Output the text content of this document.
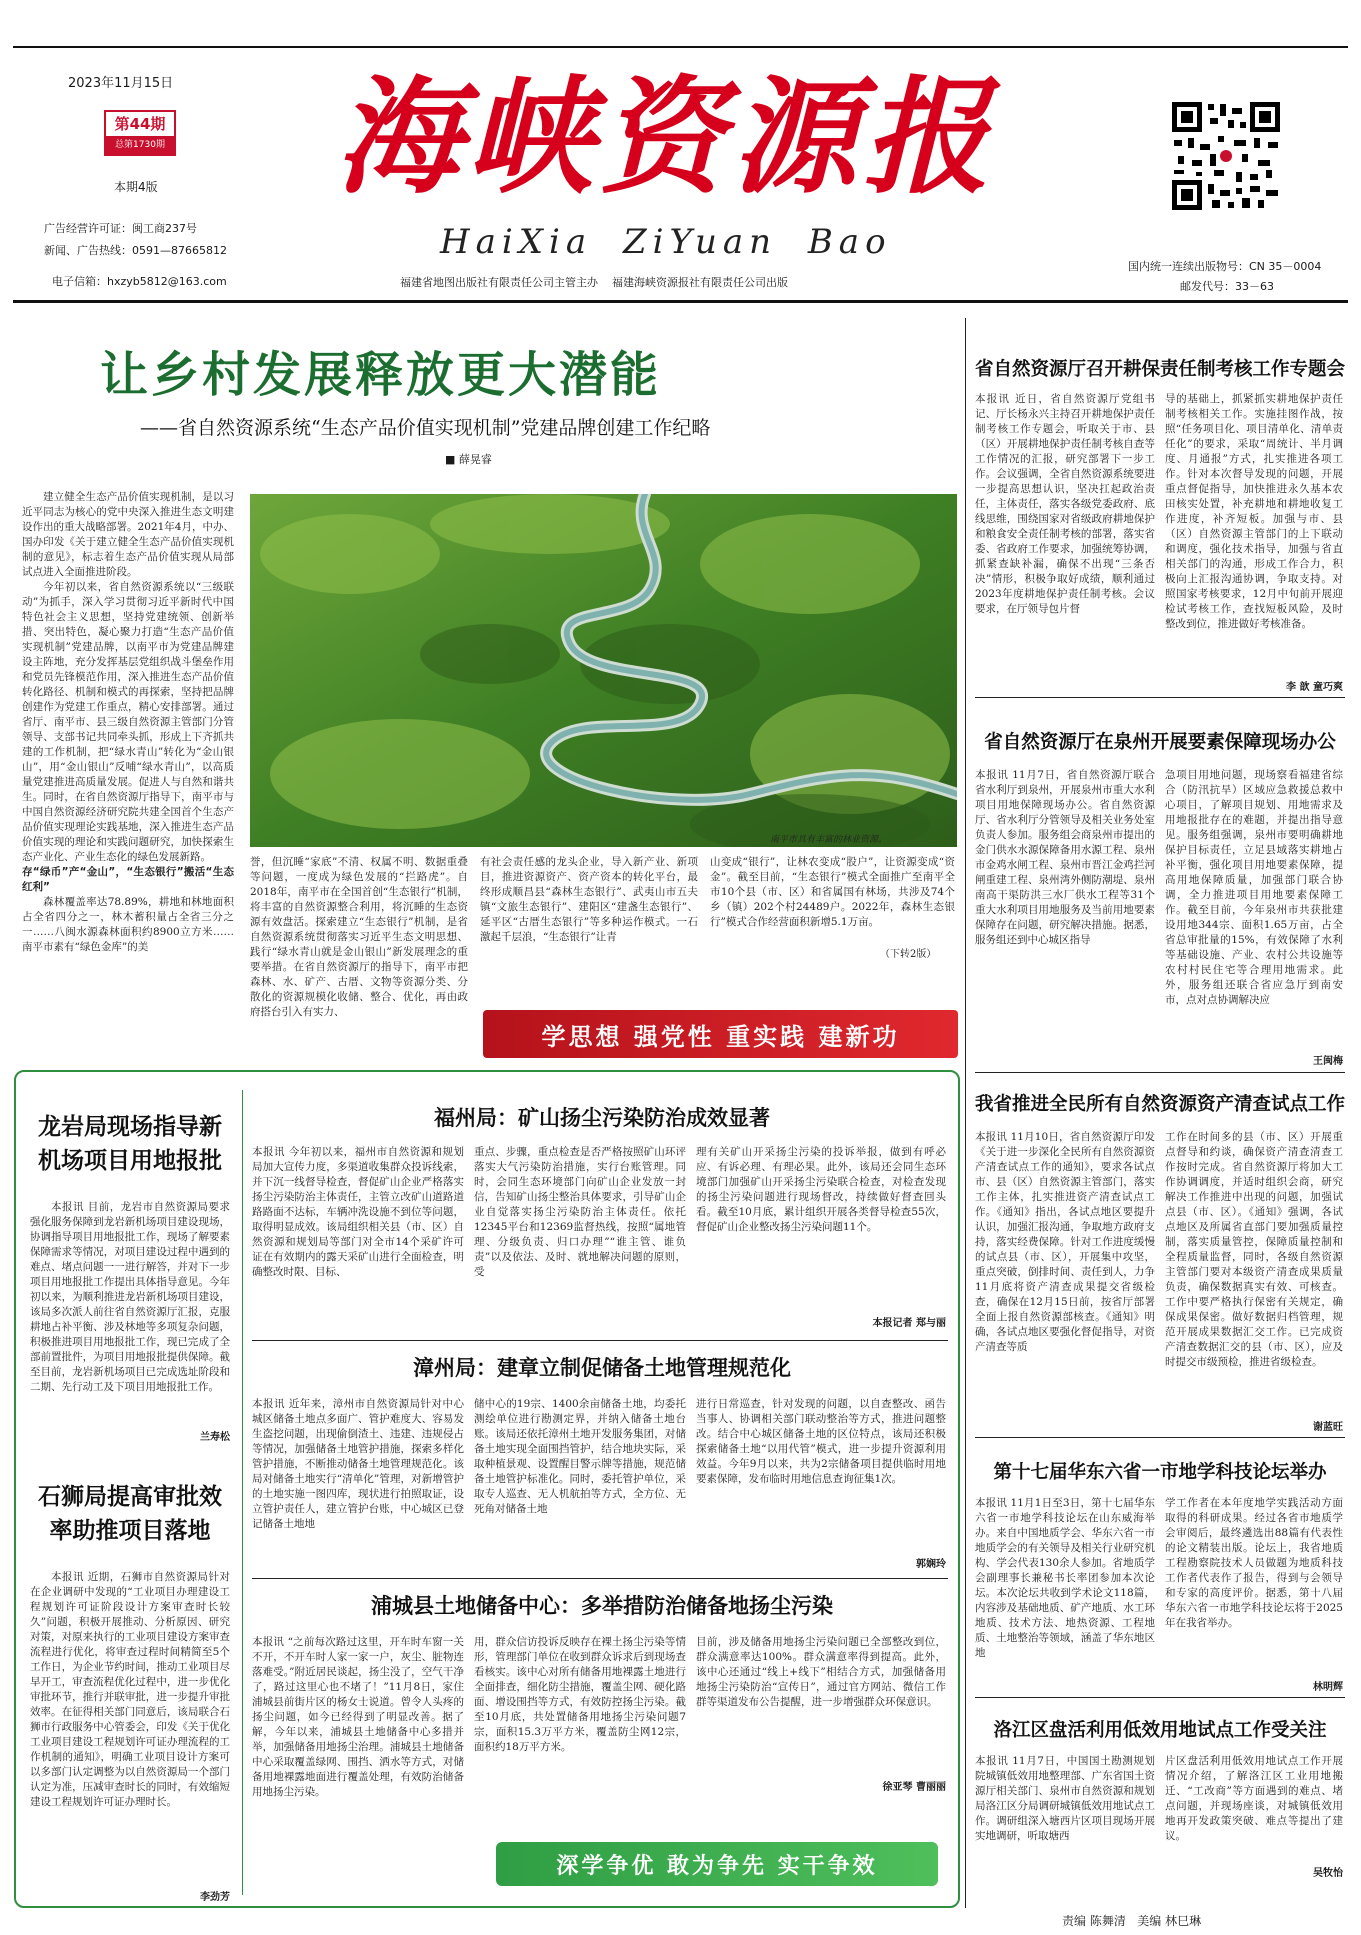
2023年11月15日
第44期
总第1730期
本期4版
广告经营许可证：闽工商237号
新闻、广告热线：0591—87665812
电子信箱：hxzyb5812@163.com
海峡资源报
HaiXia ZiYuan Bao
福建省地图出版社有限责任公司主管主办    福建海峡资源报社有限责任公司出版
国内统一连续出版物号：CN 35－0004
邮发代号：33－63
让乡村发展释放更大潜能
——省自然资源系统“生态产品价值实现机制”党建品牌创建工作纪略
■ 薛晃睿

建立健全生态产品价值实现机制，是以习近平同志为核心的党中央深入推进生态文明建设作出的重大战略部署。2021年4月，中办、国办印发《关于建立健全生态产品价值实现机制的意见》，标志着生态产品价值实现从局部试点进入全面推进阶段。

今年初以来，省自然资源系统以“三级联动”为抓手，深入学习贯彻习近平新时代中国特色社会主义思想，坚持党建统领、创新举措、突出特色，凝心聚力打造“生态产品价值实现机制”党建品牌，以南平市为党建品牌建设主阵地，充分发挥基层党组织战斗堡垒作用和党员先锋模范作用，深入推进生态产品价值转化路径、机制和模式的再探索，坚持把品牌创建作为党建工作重点，精心安排部署。通过省厅、南平市、县三级自然资源主管部门分管领导、支部书记共同牵头抓，形成上下齐抓共建的工作机制，把“绿水青山”转化为“金山银山”，用“金山银山”反哺“绿水青山”，以高质量党建推进高质量发展。促进人与自然和谐共生。同时，在省自然资源厅指导下，南平市与中国自然资源经济研究院共建全国首个生态产品价值实现理论实践基地，深入推进生态产品价值实现的理论和实践问题研究，加快探索生态产业化、产业生态化的绿色发展新路。

存“绿币”产“金山”，“生态银行”搬活“生态红利”

森林覆盖率达78.89%，耕地和林地面积占全省四分之一，林木蓄积量占全省三分之一……八闽水源森林面积约8900立方米……南平市素有“绿色金库”的美

南平市具有丰富的林业资源。
誉，但沉睡“家底”不清、权属不明、数据重叠等问题，一度成为绿色发展的“拦路虎”。自2018年，南平市在全国首创“生态银行”机制，将丰富的自然资源整合利用，将沉睡的生态资源有效盘活。探索建立“生态银行”机制，是省自然资源系统贯彻落实习近平生态文明思想、践行“绿水青山就是金山银山”新发展理念的重要举措。在省自然资源厅的指导下，南平市把森林、水、矿产、古厝、文物等资源分类、分散化的资源规模化收储、整合、优化，再由政府搭台引入有实力、
有社会责任感的龙头企业，导入新产业、新项目，推进资源资产、资产资本的转化平台，最终形成顺昌县“森林生态银行”、武夷山市五夫镇“文旅生态银行”、建阳区“建盏生态银行”、延平区“古厝生态银行”等多种运作模式。一石激起千层浪，“生态银行”让青
山变成“银行”，让林农变成“股户”，让资源变成“资金”。截至目前，“生态银行”模式全面推广至南平全市10个县（市、区）和省属国有林场，共涉及74个乡（镇）202个村24489户。2022年，森林生态银行”模式合作经营面积新增5.1万亩。
（下转2版）
学思想 强党性 重实践 建新功
省自然资源厅召开耕保责任制考核工作专题会
本报讯 近日，省自然资源厅党组书记、厅长杨永兴主持召开耕地保护责任制考核工作专题会，听取关于市、县（区）开展耕地保护责任制考核自查等工作情况的汇报，研究部署下一步工作。会议强调，全省自然资源系统要进一步提高思想认识，坚决扛起政治责任，主体责任，落实各级党委政府、底线思维，围绕国家对省级政府耕地保护和粮食安全责任制考核的部署，落实省委、省政府工作要求，加强统筹协调，抓紧查缺补漏，确保不出现“三条否决”情形，积极争取好成绩，顺利通过2023年度耕地保护责任制考核。会议要求，在厅领导包片督
导的基础上，抓紧抓实耕地保护责任制考核相关工作。实施挂图作战，按照“任务项目化、项目清单化、清单责任化”的要求，采取“周统计、半月调度、月通报”方式，扎实推进各项工作。针对本次督导发现的问题，开展重点督促指导，加快推进永久基本农田核实处置，补充耕地和耕地收复工作进度，补齐短板。加强与市、县（区）自然资源主管部门的上下联动和调度，强化技术指导，加强与省直相关部门的沟通，形成工作合力，积极向上汇报沟通协调，争取支持。对照国家考核要求，12月中旬前开展迎检试考核工作，查找短板风险，及时整改到位，推进做好考核准备。
李 歆 童巧爽
省自然资源厅在泉州开展要素保障现场办公
本报讯 11月7日，省自然资源厅联合省水利厅到泉州，开展泉州市重大水利项目用地保障现场办公。省自然资源厅、省水利厅分管领导及相关业务处室负责人参加。服务组会商泉州市提出的金门供水水源保障备用水源工程、泉州市金鸡水闸工程、泉州市晋江金鸡拦河闸重建工程、泉州湾外侧防潮堤、泉州南高干渠防洪三水厂供水工程等31个重大水利项目用地服务及当前用地要素保障存在问题，研究解决措施。据悉，服务组还到中心城区指导
急项目用地问题，现场察看福建省综合（防汛抗旱）区域应急救援总救中心项目，了解项目规划、用地需求及用地报批存在的难题，并提出指导意见。服务组强调，泉州市要明确耕地保护目标责任，立足县域落实耕地占补平衡，强化项目用地要素保障，提高用地保障质量，加强部门联合协调，全力推进项目用地要素保障工作。截至目前，今年泉州市共获批建设用地344宗、面积1.65万亩，占全省总审批量的15%，有效保障了水利等基础设施、产业、农村公共设施等农村村民住宅等合理用地需求。此外，服务组还联合省应急厅到南安市，点对点协调解决应
王闽梅
我省推进全民所有自然资源资产清查试点工作
本报讯 11月10日，省自然资源厅印发《关于进一步深化全民所有自然资源资产清查试点工作的通知》，要求各试点市、县（区）自然资源主管部门，落实工作主体，扎实推进资产清查试点工作。《通知》指出，各试点地区要提升认识，加强汇报沟通，争取地方政府支持，落实经费保障。针对工作进度缓慢的试点县（市、区），开展集中攻坚，重点突破，倒排时间、责任到人，力争11月底将资产清查成果提交省级检查，确保在12月15日前，按省厅部署全面上报自然资源部核查。《通知》明确，各试点地区要强化督促指导，对资产清查等质
工作在时间多的县（市、区）开展重点督导和约谈，确保资产清查清查工作按时完成。省自然资源厅将加大工作协调调度，并适时组织会商，研究解决工作推进中出现的问题，加强试点县（市、区）。《通知》强调，各试点地区及所属省直部门要加强质量控制，落实质量管控，保障质量控制和全程质量监督，同时，各级自然资源主管部门要对本级资产清查成果质量负责，确保数据真实有效、可核查。工作中要严格执行保密有关规定，确保成果保密。做好数据归档管理，规范开展成果数据汇交工作。已完成资产清查数据汇交的县（市、区），应及时提交市级预检，推进省级检查。
谢蓝旺
第十七届华东六省一市地学科技论坛举办
本报讯 11月1日至3日，第十七届华东六省一市地学科技论坛在山东威海举办。来自中国地质学会、华东六省一市地质学会的有关领导及相关行业研究机构、学会代表130余人参加。省地质学会副理事长兼秘书长率团参加本次论坛。本次论坛共收到学术论文118篇，内容涉及基础地质、矿产地质、水工环地质、技术方法、地热资源、工程地质、土地整治等领域，涵盖了华东地区地
学工作者在本年度地学实践活动方面取得的科研成果。经过各省市地质学会审阅后，最终遴选出88篇有代表性的论文精装出版。论坛上，我省地质工程勘察院技术人员做题为地质科技工作者代表作了报告，得到与会领导和专家的高度评价。据悉，第十八届华东六省一市地学科技论坛将于2025年在我省举办。
林明辉
洛江区盘活利用低效用地试点工作受关注
本报讯 11月7日，中国国土勘测规划院城镇低效用地整理部、广东省国土资源厅相关部门、泉州市自然资源和规划局洛江区分局调研城镇低效用地试点工作。调研组深入塘西片区项目现场开展实地调研，听取塘西
片区盘活利用低效用地试点工作开展情况介绍，了解洛江区工业用地搬迁、“工改商”等方面遇到的难点、堵点问题，并现场座谈，对城镇低效用地再开发政策突破、难点等提出了建议。
吴牧怡
龙岩局现场指导新机场项目用地报批
本报讯 目前，龙岩市自然资源局要求强化服务保障到龙岩新机场项目建设现场，协调指导项目用地报批工作，现场了解要素保障需求等情况，对项目建设过程中遇到的难点、堵点问题一一进行解答，并对下一步项目用地报批工作提出具体指导意见。今年初以来，为顺利推进龙岩新机场项目建设，该局多次派人前往省自然资源厅汇报，克服耕地占补平衡、涉及林地等多项复杂问题，积极推进项目用地报批工作，现已完成了全部前置批件，为项目用地报批提供保障。截至目前，龙岩新机场项目已完成选址阶段和二期、先行动工及下项目用地报批工作。
兰寿松
石狮局提高审批效率助推项目落地
本报讯 近期，石狮市自然资源局针对在企业调研中发现的“工业项目办理建设工程规划许可证阶段设计方案审查时长较久”问题，积极开展推动、分析原因、研究对策，对原来执行的工业项目建设方案审查流程进行优化，将审查过程时间精简至5个工作日，为企业节约时间，推动工业项目尽早开工，审查流程优化过程中，进一步优化审批环节，推行并联审批，进一步提升审批效率。在征得相关部门同意后，该局联合石狮市行政服务中心管委会，印发《关于优化工业项目建设工程规划许可证办理流程的工作机制的通知》，明确工业项目设计方案可以多部门认定调整为以自然资源局一个部门认定为准，压减审查时长的同时，有效缩短建设工程规划许可证办理时长。
李劲芳
福州局：矿山扬尘污染防治成效显著
本报讯 今年初以来，福州市自然资源和规划局加大宣传力度，多渠道收集群众投诉线索，并下沉一线督导检查，督促矿山企业严格落实扬尘污染防治主体责任，主管立改矿山道路道路路面不达标，车辆冲洗设施不到位等问题，取得明显成效。该局组织相关县（市、区）自然资源和规划局等部门对全市14个采矿许可证在有效期内的露天采矿山进行全面检查，明确整改时限、目标、
重点、步骤，重点检查是否严格按照矿山环评落实大气污染防治措施，实行台账管理。同时，会同生态环境部门向矿山企业发放一封信，告知矿山扬尘整治具体要求，引导矿山企业自觉落实扬尘污染防治主体责任。依托12345平台和12369监督热线，按照“属地管理、分级负责、归口办理”“谁主管、谁负责”以及依法、及时、就地解决问题的原则，受
理有关矿山开采扬尘污染的投诉举报，做到有呼必应、有诉必理、有理必果。此外，该局还会同生态环境部门加强矿山开采扬尘污染联合检查，对检查发现的扬尘污染问题进行现场督改，持续做好督查回头看。截至10月底，累计组织开展各类督导检查55次，督促矿山企业整改扬尘污染问题11个。
本报记者 郑与丽
漳州局：建章立制促储备土地管理规范化
本报讯 近年来，漳州市自然资源局针对中心城区储备土地点多面广、管护难度大、容易发生盗挖问题，出现偷倒渣土、违建、违规侵占等情况，加强储备土地管护措施，探索多样化管护措施，不断推动储备土地管理规范化。该局对储备土地实行“清单化”管理，对新增管护的土地实施一图四库，现状进行拍照取证，设立管护责任人，建立管护台账，中心城区已登记储备土地地
储中心的19宗、1400余亩储备土地，均委托测绘单位进行勘测定界，并纳入储备土地台账。该局还依托漳州土地开发服务集团，对储备土地实现全面围挡管护，结合地块实际，采取种植景观、设置醒目警示牌等措施，规范储备土地管护标准化。同时，委托管护单位，采取专人巡查、无人机航拍等方式，全方位、无死角对储备土地
进行日常巡查，针对发现的问题，以自查整改、函告当事人、协调相关部门联动整治等方式，推进问题整改。结合中心城区储备土地的区位特点，该局还积极探索储备土地“以用代管”模式，进一步提升资源利用效益。今年9月以来，共为2宗储备项目提供临时用地要素保障，发布临时用地信息查询征集1次。
郭娴玲
浦城县土地储备中心：多举措防治储备地扬尘污染
本报讯 “之前每次路过这里，开车时车窗一关不开，不开车时人家一家一户，灰尘、脏物连落难受。”附近居民谈起，扬尘没了，空气干净了，路过这里心也不堵了！”11月8日，家住浦城县前街片区的杨女士说道。曾令人头疼的扬尘问题，如今已经得到了明显改善。据了解，今年以来，浦城县土地储备中心多措并举，加强储备用地扬尘治理。浦城县土地储备中心采取覆盖绿网、围挡、洒水等方式，对储备用地裸露地面进行覆盖处理，有效防治储备用地扬尘污染。
用，群众信访投诉反映存在裸土扬尘污染等情形，管理部门单位在收到群众诉求后到现场查看核实。该中心对所有储备用地裸露土地进行全面排查，细化防尘措施，覆盖尘网、硬化路面、增设围挡等方式，有效防控扬尘污染。截至10月底，共处置储备用地扬尘污染问题7宗，面积15.3万平方米，覆盖防尘网12宗，面积约18万平方米。
目前，涉及储备用地扬尘污染问题已全部整改到位，群众满意率达100%。群众满意率得到提高。此外，该中心还通过“线上+线下”相结合方式，加强储备用地扬尘污染防治“宣传日”，通过官方网站、微信工作群等渠道发布公告提醒，进一步增强群众环保意识。
徐亚琴 曹丽丽
深学争优 敢为争先 实干争效
责编 陈舞清   美编 林巳琳
